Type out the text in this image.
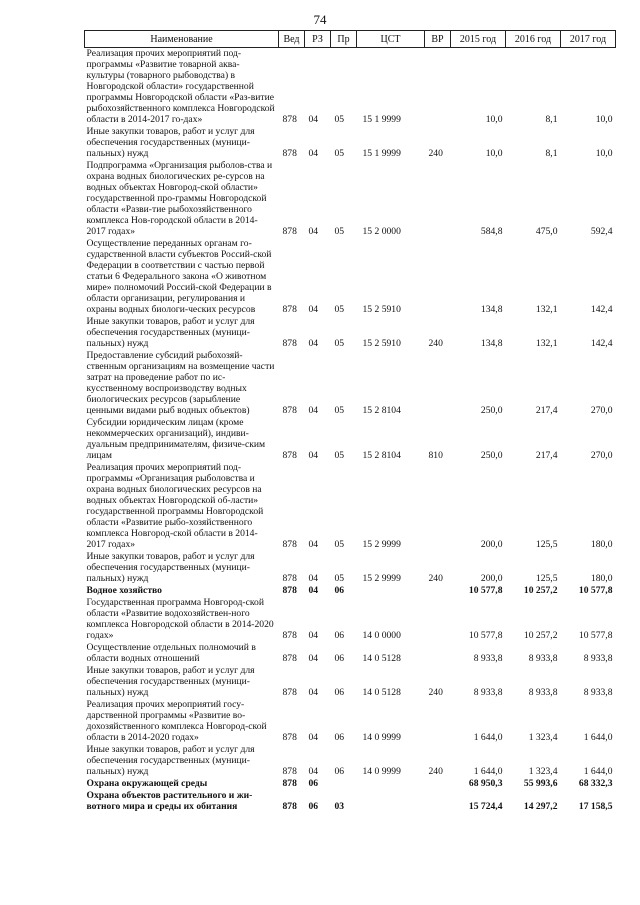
74
Наименование	Вед	РЗ	Пр	ЦСТ	ВР	2015 год	2016 год	2017 год
Реализация прочих мероприятий под-программы «Развитие товарной аква-культуры (товарного рыбоводства) в Новгородской области» государственной программы Новгородской области «Раз-витие рыбохозяйственного комплекса Новгородской области в 2014-2017 го-дах»	878	04	05	15 1 9999		10,0	8,1	10,0
Иные закупки товаров, работ и услуг для обеспечения государственных (муници-пальных) нужд	878	04	05	15 1 9999	240	10,0	8,1	10,0
Подпрограмма «Организация рыболов-ства и охрана водных биологических ре-сурсов на водных объектах Новгород-ской области» государственной про-граммы Новгородской области «Разви-тие рыбохозяйственного комплекса Нов-городской области в 2014-2017 годах»	878	04	05	15 2 0000		584,8	475,0	592,4
Осуществление переданных органам го-сударственной власти субъектов Россий-ской Федерации в соответствии с частью первой статьи 6 Федерального закона «О животном мире» полномочий Россий-ской Федерации в области организации, регулирования и охраны водных биологи-ческих ресурсов	878	04	05	15 2 5910		134,8	132,1	142,4
Иные закупки товаров, работ и услуг для обеспечения государственных (муници-пальных) нужд	878	04	05	15 2 5910	240	134,8	132,1	142,4
Предоставление субсидий рыбохозяй-ственным организациям на возмещение части затрат на проведение работ по ис-кусственному воспроизводству водных биологических ресурсов (зарыбление ценными видами рыб водных объектов)	878	04	05	15 2 8104		250,0	217,4	270,0
Субсидии юридическим лицам (кроме некоммерческих организаций), индиви-дуальным предпринимателям, физиче-ским лицам	878	04	05	15 2 8104	810	250,0	217,4	270,0
Реализация прочих мероприятий под-программы «Организация рыболовства и охрана водных биологических ресурсов на водных объектах Новгородской об-ласти» государственной программы Новгородской области «Развитие рыбо-хозяйственного комплекса Новгород-ской области в 2014-2017 годах»	878	04	05	15 2 9999		200,0	125,5	180,0
Иные закупки товаров, работ и услуг для обеспечения государственных (муници-пальных) нужд	878	04	05	15 2 9999	240	200,0	125,5	180,0
Водное хозяйство	878	04	06			10 577,8	10 257,2	10 577,8
Государственная программа Новгород-ской области «Развитие водохозяйствен-ного комплекса Новгородской области в 2014-2020 годах»	878	04	06	14 0 0000		10 577,8	10 257,2	10 577,8
Осуществление отдельных полномочий в области водных отношений	878	04	06	14 0 5128		8 933,8	8 933,8	8 933,8
Иные закупки товаров, работ и услуг для обеспечения государственных (муници-пальных) нужд	878	04	06	14 0 5128	240	8 933,8	8 933,8	8 933,8
Реализация прочих мероприятий госу-дарственной программы «Развитие во-дохозяйственного комплекса Новгород-ской области в 2014-2020 годах»	878	04	06	14 0 9999		1 644,0	1 323,4	1 644,0
Иные закупки товаров, работ и услуг для обеспечения государственных (муници-пальных) нужд	878	04	06	14 0 9999	240	1 644,0	1 323,4	1 644,0
Охрана окружающей среды	878	06				68 950,3	55 993,6	68 332,3
Охрана объектов растительного и жи-вотного мира и среды их обитания	878	06	03			15 724,4	14 297,2	17 158,5
